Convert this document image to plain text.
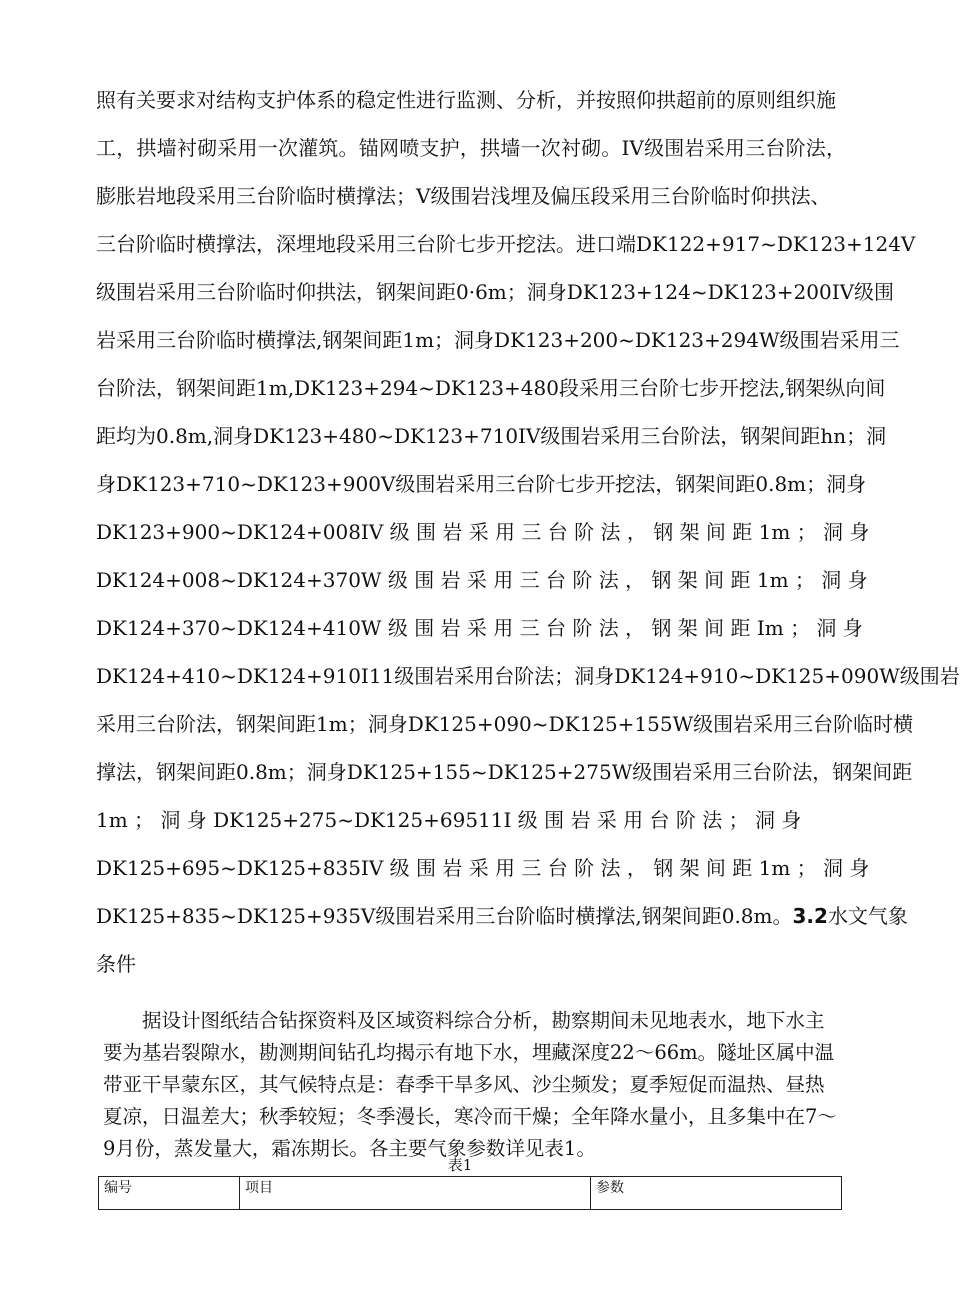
照有关要求对结构支护体系的稳定性进行监测、分析，并按照仰拱超前的原则组织施
工，拱墙衬砌采用一次灌筑。锚网喷支护，拱墙一次衬砌。IV级围岩采用三台阶法，
膨胀岩地段采用三台阶临时横撑法；V级围岩浅埋及偏压段采用三台阶临时仰拱法、
三台阶临时横撑法，深埋地段采用三台阶七步开挖法。进口端DK122+917~DK123+124V
级围岩采用三台阶临时仰拱法，钢架间距0·6m；洞身DK123+124~DK123+200IV级围
岩采用三台阶临时横撑法,钢架间距1m；洞身DK123+200~DK123+294W级围岩采用三
台阶法，钢架间距1m,DK123+294~DK123+480段采用三台阶七步开挖法,钢架纵向间
距均为0.8m,洞身DK123+480~DK123+710IV级围岩采用三台阶法，钢架间距hn；洞
身DK123+710~DK123+900V级围岩采用三台阶七步开挖法，钢架间距0.8m；洞身
DK123+900~DK124+008IV 级 围 岩 采 用 三 台 阶 法 ， 钢 架 间 距 1m ； 洞 身
DK124+008~DK124+370W 级 围 岩 采 用 三 台 阶 法 ， 钢 架 间 距 1m ； 洞 身
DK124+370~DK124+410W 级 围 岩 采 用 三 台 阶 法 ， 钢 架 间 距 Im ； 洞 身
DK124+410~DK124+910I11级围岩采用台阶法；洞身DK124+910~DK125+090W级围岩
采用三台阶法，钢架间距1m；洞身DK125+090~DK125+155W级围岩采用三台阶临时横
撑法，钢架间距0.8m；洞身DK125+155~DK125+275W级围岩采用三台阶法，钢架间距
1m ； 洞 身 DK125+275~DK125+69511I 级 围 岩 采 用 台 阶 法 ； 洞 身
DK125+695~DK125+835IV 级 围 岩 采 用 三 台 阶 法 ， 钢 架 间 距 1m ； 洞 身
DK125+835~DK125+935V级围岩采用三台阶临时横撑法,钢架间距0.8m。3.2水文气象
条件
据设计图纸结合钻探资料及区域资料综合分析，勘察期间未见地表水，地下水主
要为基岩裂隙水，勘测期间钻孔均揭示有地下水，埋藏深度22～66m。隧址区属中温
带亚干旱蒙东区，其气候特点是：春季干旱多风、沙尘频发；夏季短促而温热、昼热
夏凉，日温差大；秋季较短；冬季漫长，寒冷而干燥；全年降水量小，且多集中在7～
9月份，蒸发量大，霜冻期长。各主要气象参数详见表1。
表1
编号	项目	参数
